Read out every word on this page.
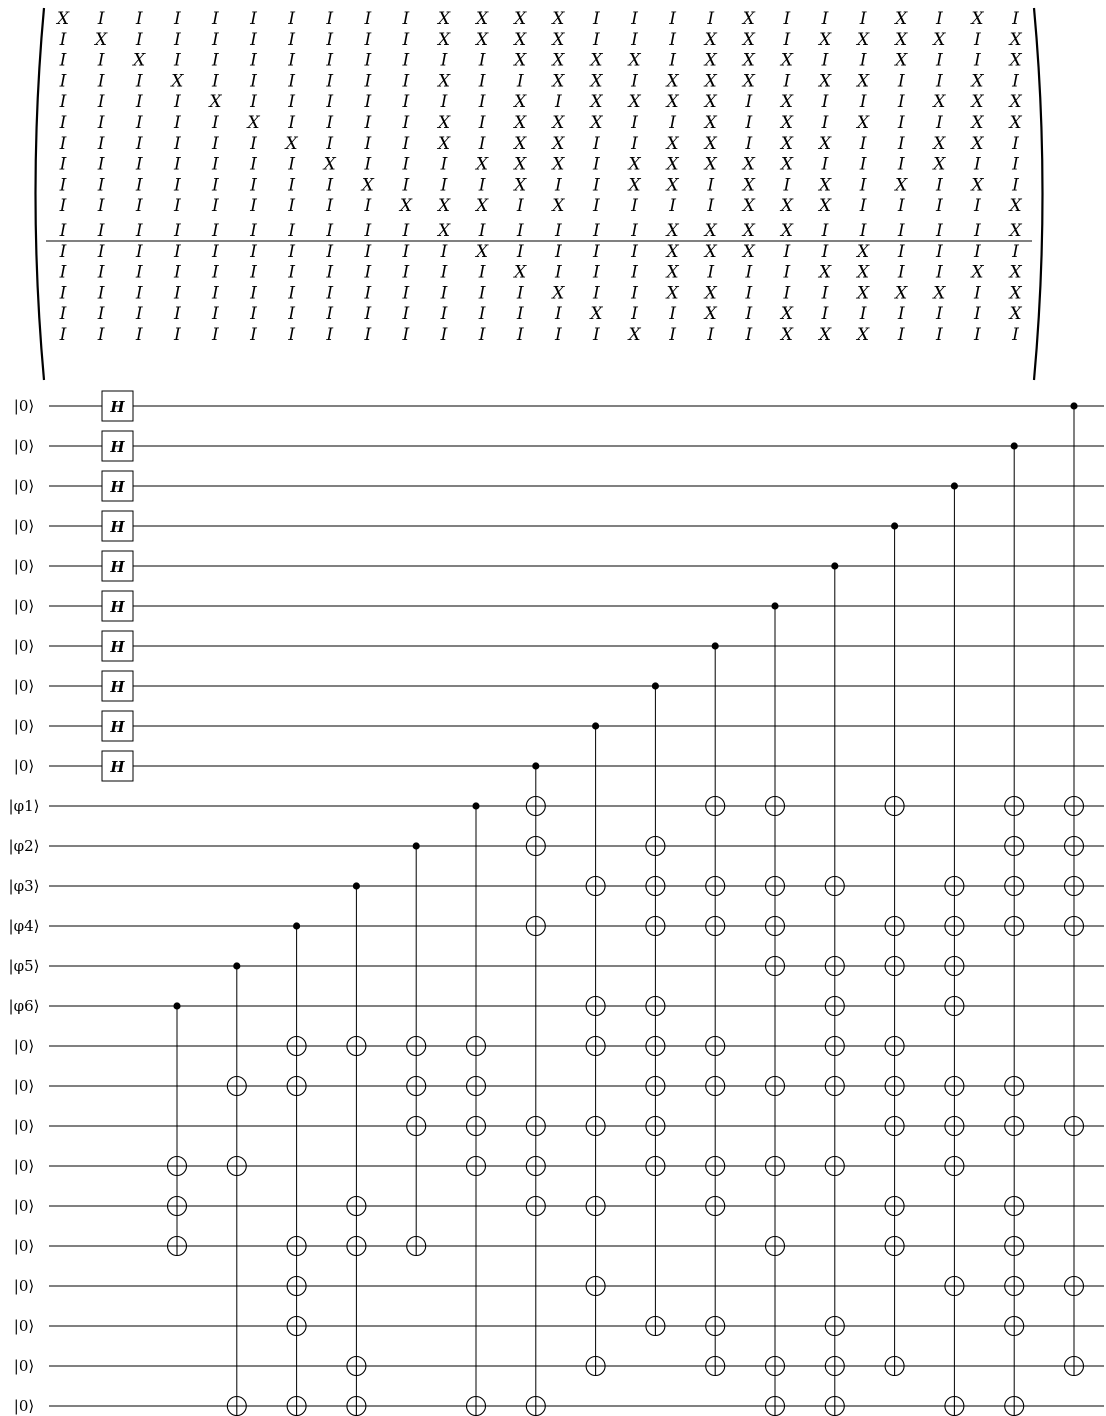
X I I I I I I I I I X X X X I I I I X I I I X I X I
I X I I I I I I I I X X X X I I I X X I X X X X I X
I I X I I I I I I I I I X X X X I X X X I I X I I X
I I I X I I I I I I X I I X X I X X X I X X I I X I
I I I I X I I I I I I I X I X X X X I X I I I X X X
I I I I I X I I I I X I X X X I I X I X I X I I X X
I I I I I I X I I I X I X X I I X X I X X I I X X I
I I I I I I I X I I I X X X I X X X X X I I I X I I
I I I I I I I I X I I I X I I X X I X I X I X I X I
I I I I I I I I I X X X I X I I I I X X X I I I I X
I I I I I I I I I I X I I I I I X X X X I I I I I X
I I I I I I I I I I I X I I I I X X X I I X I I I I
I I I I I I I I I I I I X I I I X I I I X X I I X X
I I I I I I I I I I I I I X I I X X I I I X X X I X
I I I I I I I I I I I I I I X I I X I X I I I I I X
I I I I I I I I I I I I I I I X I I I X X X I I I I
|0⟩
|0⟩
|0⟩
|0⟩
|0⟩
|0⟩
|0⟩
|0⟩
|0⟩
|0⟩
|φ1⟩
|φ2⟩
|φ3⟩
|φ4⟩
|φ5⟩
|φ6⟩
|0⟩
|0⟩
|0⟩
|0⟩
|0⟩
|0⟩
|0⟩
|0⟩
|0⟩
|0⟩
H
H
H
H
H
H
H
H
H
H
